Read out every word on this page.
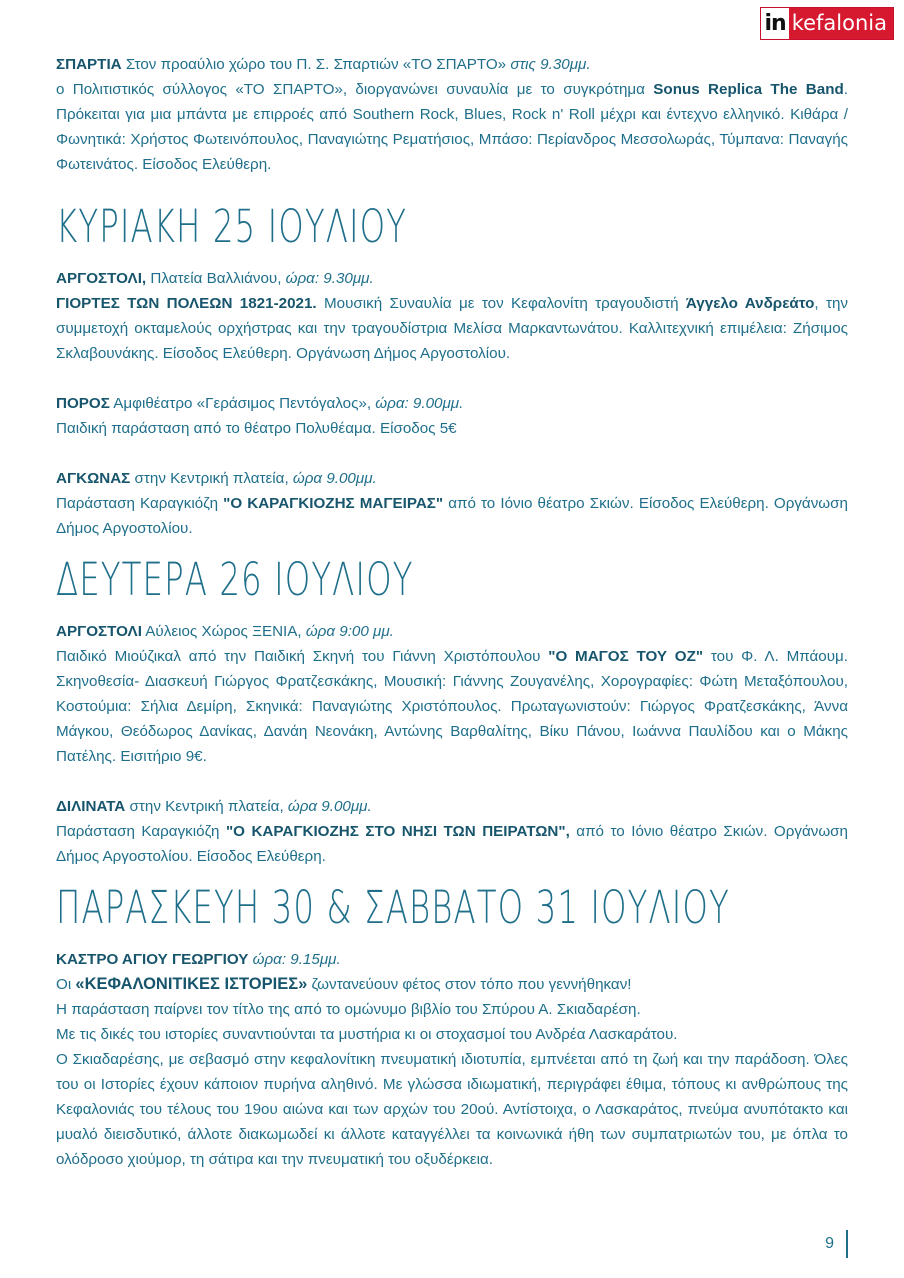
in kefalonia

ΣΠΑΡΤΙΑ Στον προαύλιο χώρο του Π. Σ. Σπαρτιών «ΤΟ ΣΠΑΡΤΟ» στις 9.30μμ.

ο Πολιτιστικός σύλλογος «ΤΟ ΣΠΑΡΤΟ», διοργανώνει συναυλία με το συγκρότημα Sonus Replica The Band. Πρόκειται για μια μπάντα με επιρροές από Southern Rock, Blues, Rock n' Roll μέχρι και έντεχνο ελληνικό. Κιθάρα / Φωνητικά: Χρήστος Φωτεινόπουλος, Παναγιώτης Ρεματήσιος, Μπάσο: Περίανδρος Μεσσολωράς, Τύμπανα: Παναγής Φωτεινάτος. Είσοδος Ελεύθερη.

ΚΥΡΙΑΚΗ 25 ΙΟΥΛΙΟΥ

ΑΡΓΟΣΤΟΛΙ, Πλατεία Βαλλιάνου, ώρα: 9.30μμ.

ΓΙΟΡΤΕΣ ΤΩΝ ΠΟΛΕΩΝ 1821-2021. Μουσική Συναυλία με τον Κεφαλονίτη τραγουδιστή Άγγελο Ανδρεάτο, την συμμετοχή οκταμελούς ορχήστρας και την τραγουδίστρια Μελίσα Μαρκαντωνάτου. Καλλιτεχνική επιμέλεια: Ζήσιμος Σκλαβουνάκης. Είσοδος Ελεύθερη. Οργάνωση Δήμος Αργοστολίου.

ΠΟΡΟΣ Αμφιθέατρο «Γεράσιμος Πεντόγαλος», ώρα: 9.00μμ.

Παιδική παράσταση από το θέατρο Πολυθέαμα. Είσοδος 5€

ΑΓΚΩΝΑΣ στην Κεντρική πλατεία, ώρα 9.00μμ.

Παράσταση Καραγκιόζη "Ο ΚΑΡΑΓΚΙΟΖΗΣ ΜΑΓΕΙΡΑΣ" από το Ιόνιο θέατρο Σκιών. Είσοδος Ελεύθερη. Οργάνωση Δήμος Αργοστολίου.

ΔΕΥΤΕΡΑ 26 ΙΟΥΛΙΟΥ

ΑΡΓΟΣΤΟΛΙ Αύλειος Χώρος ΞΕΝΙΑ, ώρα 9:00 μμ.

Παιδικό Μιούζικαλ από την Παιδική Σκηνή του Γιάννη Χριστόπουλου "Ο ΜΑΓΟΣ ΤΟΥ ΟΖ" του Φ. Λ. Μπάουμ. Σκηνοθεσία- Διασκευή Γιώργος Φρατζεσκάκης, Μουσική: Γιάννης Ζουγανέλης, Χορογραφίες: Φώτη Μεταξόπουλου, Κοστούμια: Σήλια Δεμίρη, Σκηνικά: Παναγιώτης Χριστόπουλος. Πρωταγωνιστούν: Γιώργος Φρατζεσκάκης, Άννα Μάγκου, Θεόδωρος Δανίκας, Δανάη Νεονάκη, Αντώνης Βαρθαλίτης, Βίκυ Πάνου, Ιωάννα Παυλίδου και ο Μάκης Πατέλης. Εισιτήριο 9€.

ΔΙΛΙΝΑΤΑ στην Κεντρική πλατεία, ώρα 9.00μμ.

Παράσταση Καραγκιόζη "Ο ΚΑΡΑΓΚΙΟΖΗΣ ΣΤΟ ΝΗΣΙ ΤΩΝ ΠΕΙΡΑΤΩΝ", από το Ιόνιο θέατρο Σκιών. Οργάνωση Δήμος Αργοστολίου. Είσοδος Ελεύθερη.

ΠΑΡΑΣΚΕΥΗ 30 & ΣΑΒΒΑΤΟ 31 ΙΟΥΛΙΟΥ

ΚΑΣΤΡΟ ΑΓΙΟΥ ΓΕΩΡΓΙΟΥ ώρα: 9.15μμ.

Οι «ΚΕΦΑΛΟΝΙΤΙΚΕΣ ΙΣΤΟΡΙΕΣ» ζωντανεύουν φέτος στον τόπο που γεννήθηκαν!

Η παράσταση παίρνει τον τίτλο της από το ομώνυμο βιβλίο του Σπύρου Α. Σκιαδαρέση.

Με τις δικές του ιστορίες συναντιούνται τα μυστήρια κι οι στοχασμοί του Ανδρέα Λασκαράτου.

Ο Σκιαδαρέσης, με σεβασμό στην κεφαλονίτικη πνευματική ιδιοτυπία, εμπνέεται από τη ζωή και την παράδοση. Όλες του οι Ιστορίες έχουν κάποιον πυρήνα αληθινό. Με γλώσσα ιδιωματική, περιγράφει έθιμα, τόπους κι ανθρώπους της Κεφαλονιάς του τέλους του 19ου αιώνα και των αρχών του 20ού. Αντίστοιχα, ο Λασκαράτος, πνεύμα ανυπότακτο και μυαλό διεισδυτικό, άλλοτε διακωμωδεί κι άλλοτε καταγγέλλει τα κοινωνικά ήθη των συμπατριωτών του, με όπλα το ολόδροσο χιούμορ, τη σάτιρα και την πνευματική του οξυδέρκεια.

9
